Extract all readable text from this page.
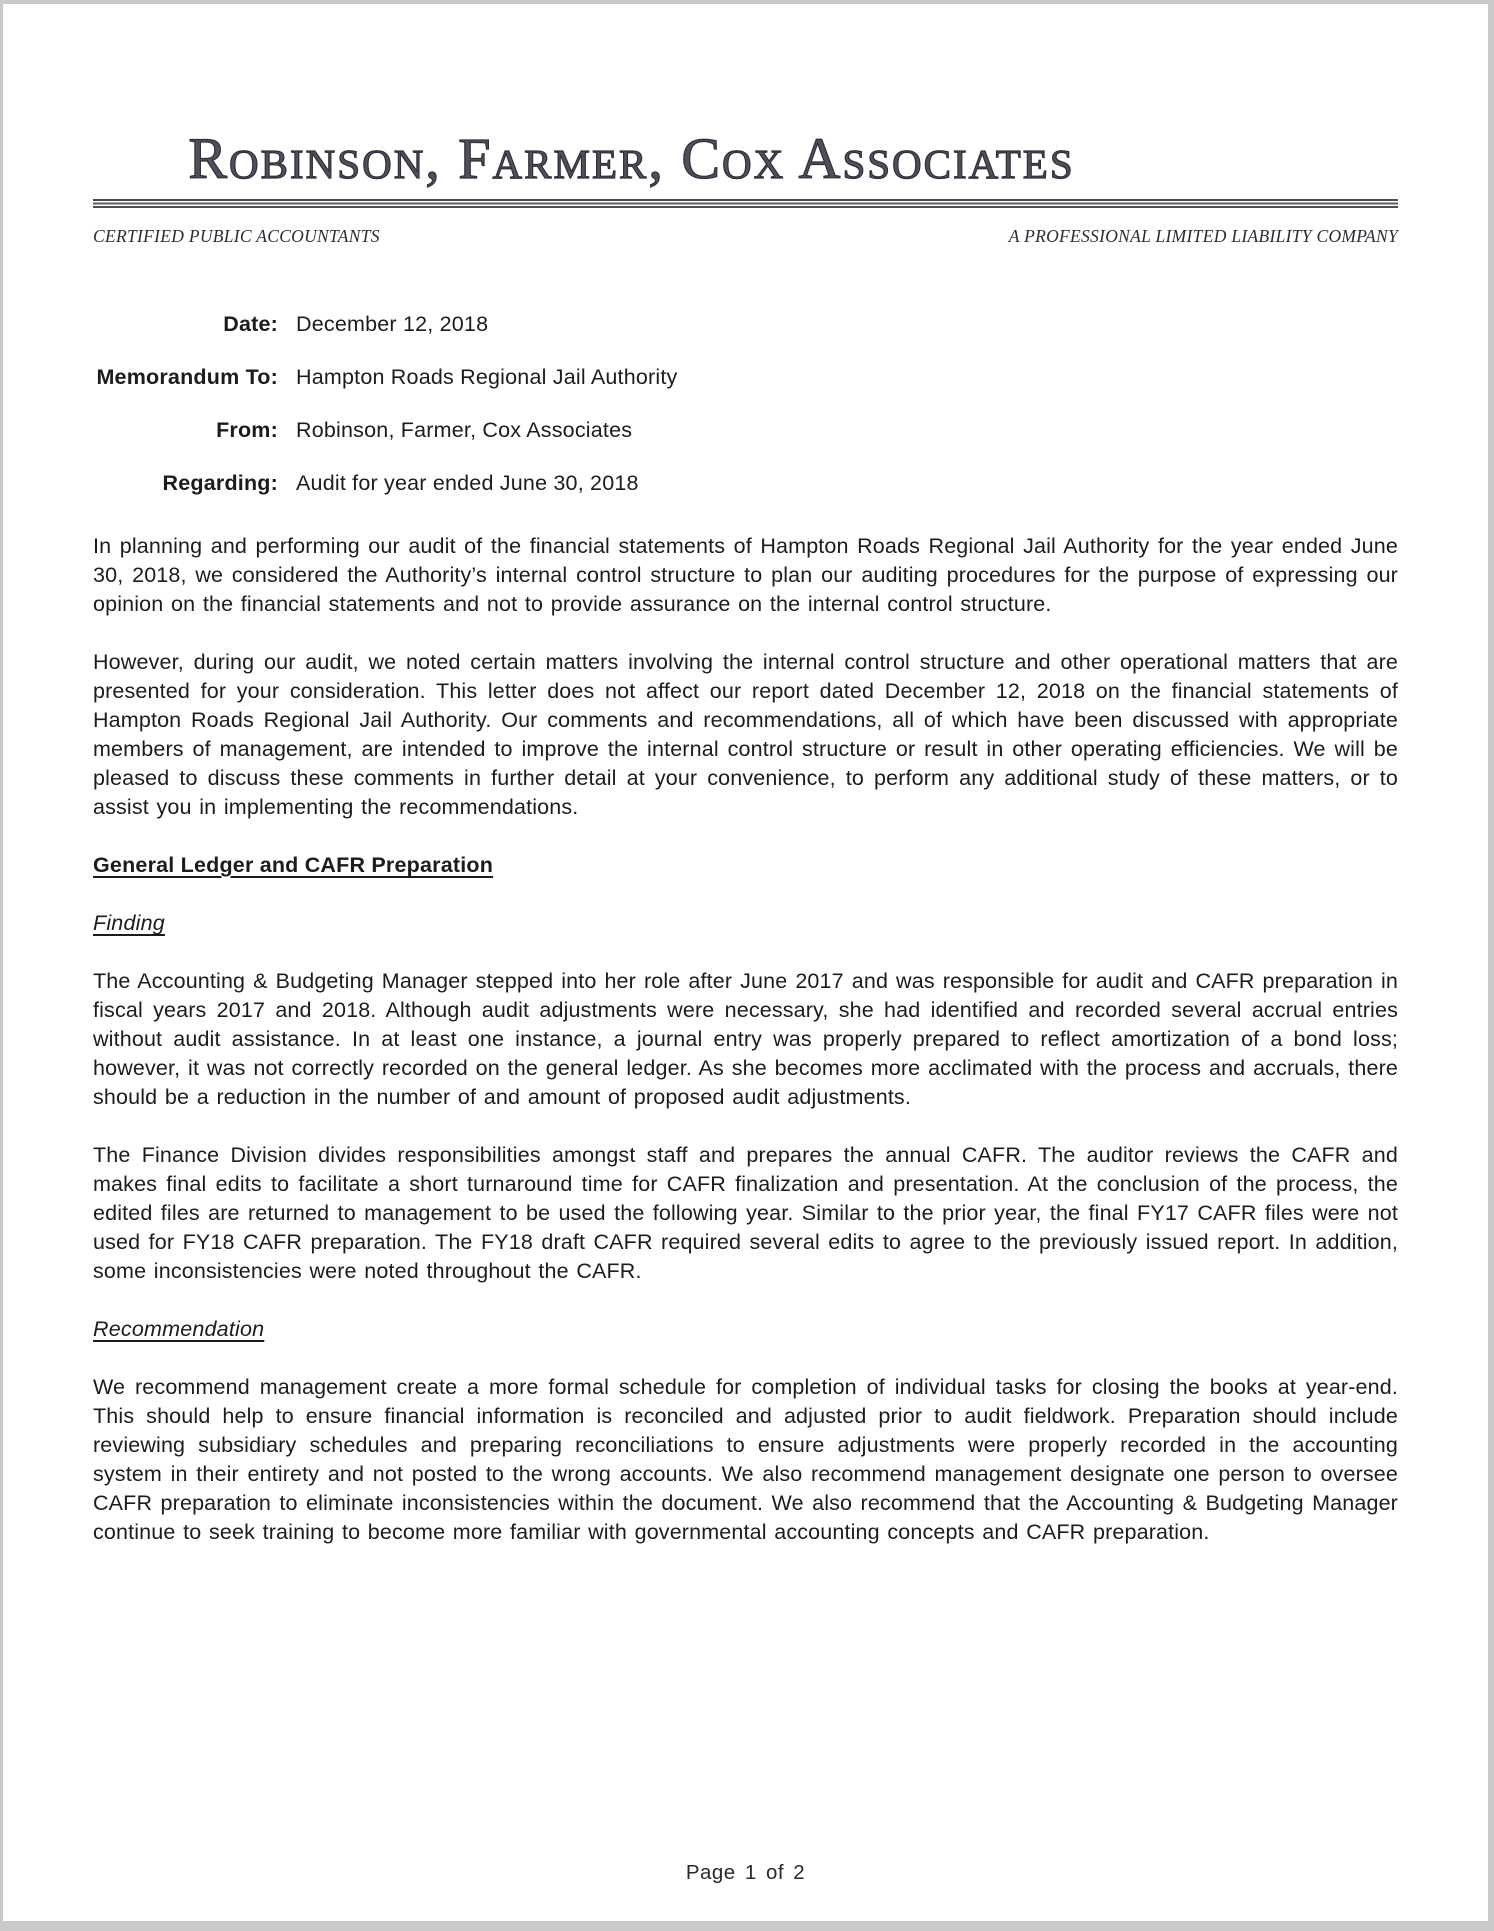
Robinson, Farmer, Cox Associates
CERTIFIED PUBLIC ACCOUNTANTS	A PROFESSIONAL LIMITED LIABILITY COMPANY
Date: December 12, 2018
Memorandum To: Hampton Roads Regional Jail Authority
From: Robinson, Farmer, Cox Associates
Regarding: Audit for year ended June 30, 2018

In planning and performing our audit of the financial statements of Hampton Roads Regional Jail Authority for the year ended June 30, 2018, we considered the Authority’s internal control structure to plan our auditing procedures for the purpose of expressing our opinion on the financial statements and not to provide assurance on the internal control structure.

However, during our audit, we noted certain matters involving the internal control structure and other operational matters that are presented for your consideration. This letter does not affect our report dated December 12, 2018 on the financial statements of Hampton Roads Regional Jail Authority. Our comments and recommendations, all of which have been discussed with appropriate members of management, are intended to improve the internal control structure or result in other operating efficiencies. We will be pleased to discuss these comments in further detail at your convenience, to perform any additional study of these matters, or to assist you in implementing the recommendations.

General Ledger and CAFR Preparation
Finding

The Accounting & Budgeting Manager stepped into her role after June 2017 and was responsible for audit and CAFR preparation in fiscal years 2017 and 2018. Although audit adjustments were necessary, she had identified and recorded several accrual entries without audit assistance. In at least one instance, a journal entry was properly prepared to reflect amortization of a bond loss; however, it was not correctly recorded on the general ledger. As she becomes more acclimated with the process and accruals, there should be a reduction in the number of and amount of proposed audit adjustments.

The Finance Division divides responsibilities amongst staff and prepares the annual CAFR. The auditor reviews the CAFR and makes final edits to facilitate a short turnaround time for CAFR finalization and presentation. At the conclusion of the process, the edited files are returned to management to be used the following year. Similar to the prior year, the final FY17 CAFR files were not used for FY18 CAFR preparation. The FY18 draft CAFR required several edits to agree to the previously issued report. In addition, some inconsistencies were noted throughout the CAFR.

Recommendation

We recommend management create a more formal schedule for completion of individual tasks for closing the books at year-end. This should help to ensure financial information is reconciled and adjusted prior to audit fieldwork. Preparation should include reviewing subsidiary schedules and preparing reconciliations to ensure adjustments were properly recorded in the accounting system in their entirety and not posted to the wrong accounts. We also recommend management designate one person to oversee CAFR preparation to eliminate inconsistencies within the document. We also recommend that the Accounting & Budgeting Manager continue to seek training to become more familiar with governmental accounting concepts and CAFR preparation.

Page 1 of 2
